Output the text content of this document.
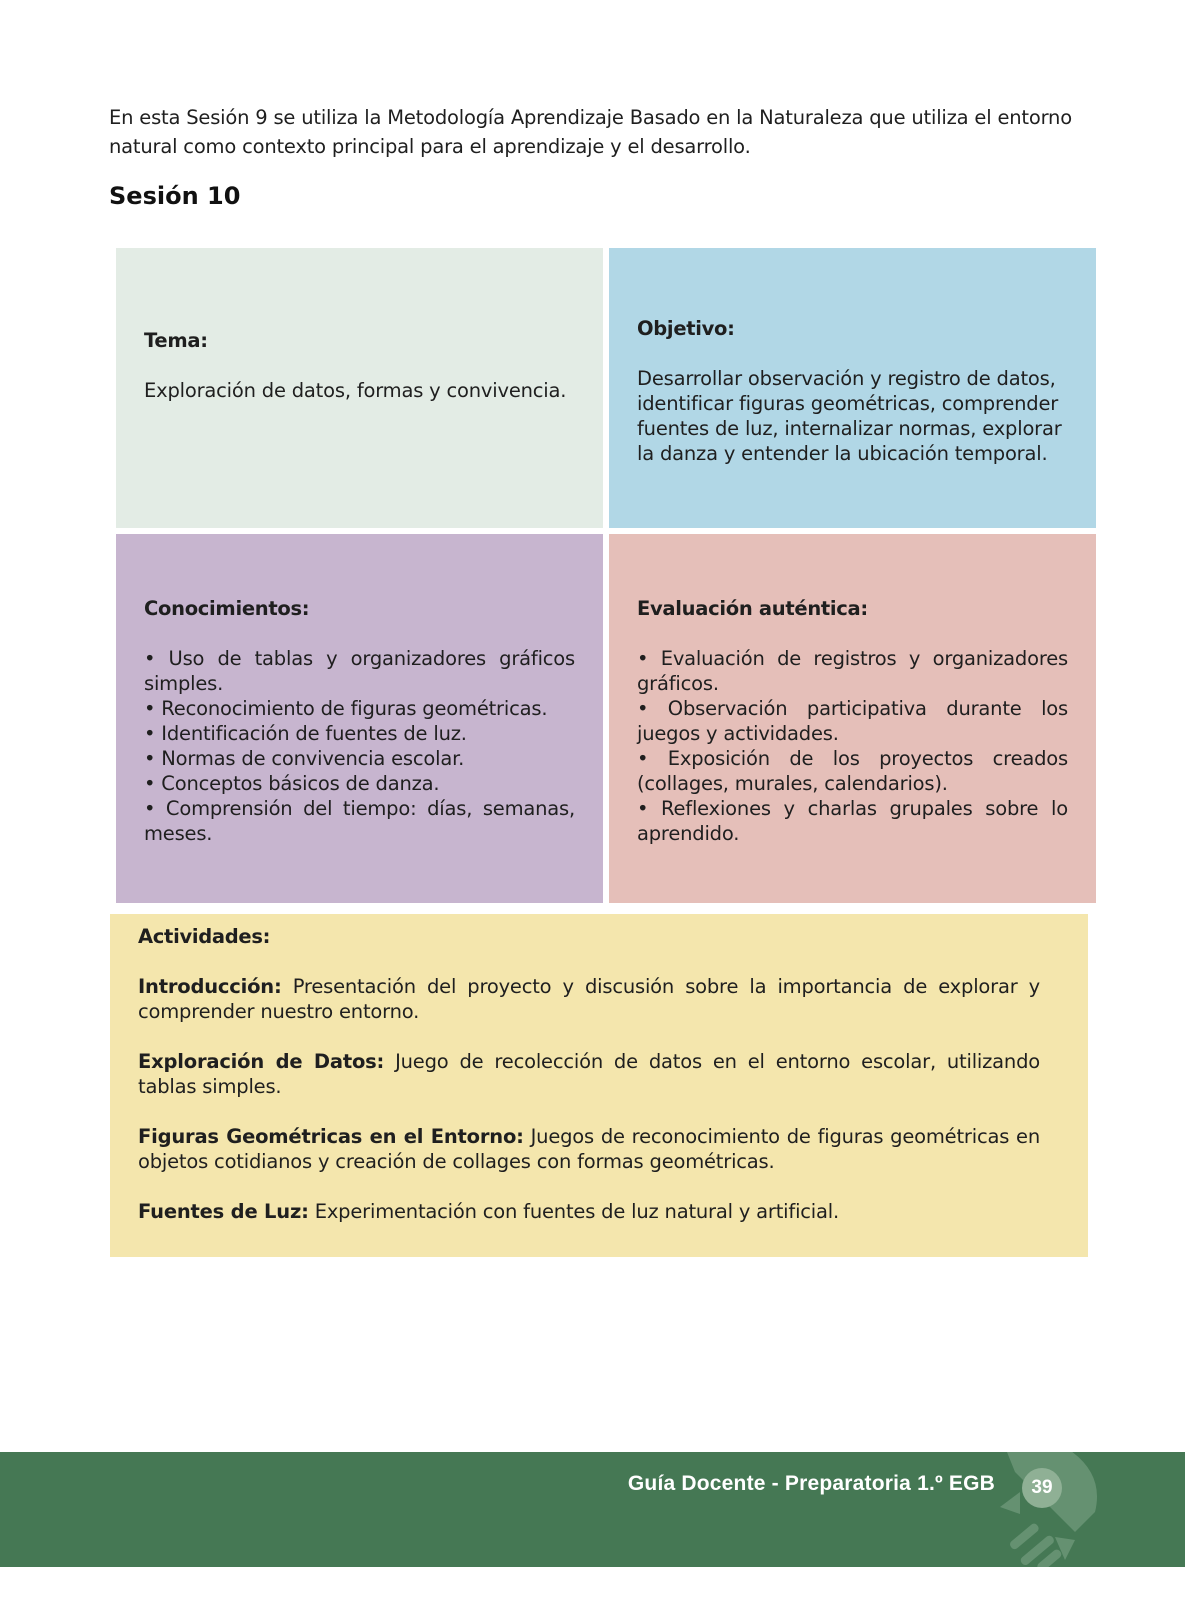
En esta Sesión 9 se utiliza la Metodología Aprendizaje Basado en la Naturaleza que utiliza el entorno natural como contexto principal para el aprendizaje y el desarrollo.

Sesión 10
Tema:

Exploración de datos, formas y convivencia.

Objetivo:

Desarrollar observación y registro de datos, identificar figuras geométricas, comprender fuentes de luz, internalizar normas, explorar la danza y entender la ubicación temporal.

Conocimientos:
• Uso de tablas y organizadores gráficos simples.
• Reconocimiento de figuras geométricas.
• Identificación de fuentes de luz.
• Normas de convivencia escolar.
• Conceptos básicos de danza.
• Comprensión del tiempo: días, semanas, meses.
Evaluación auténtica:
• Evaluación de registros y organizadores gráficos.
• Observación participativa durante los juegos y actividades.
• Exposición de los proyectos creados (collages, murales, calendarios).
• Reflexiones y charlas grupales sobre lo aprendido.
Actividades:

Introducción: Presentación del proyecto y discusión sobre la importancia de explorar y comprender nuestro entorno.

Exploración de Datos: Juego de recolección de datos en el entorno escolar, utilizando tablas simples.

Figuras Geométricas en el Entorno: Juegos de reconocimiento de figuras geométricas en objetos cotidianos y creación de collages con formas geométricas.

Fuentes de Luz: Experimentación con fuentes de luz natural y artificial.

Guía Docente - Preparatoria 1.º EGB	39
